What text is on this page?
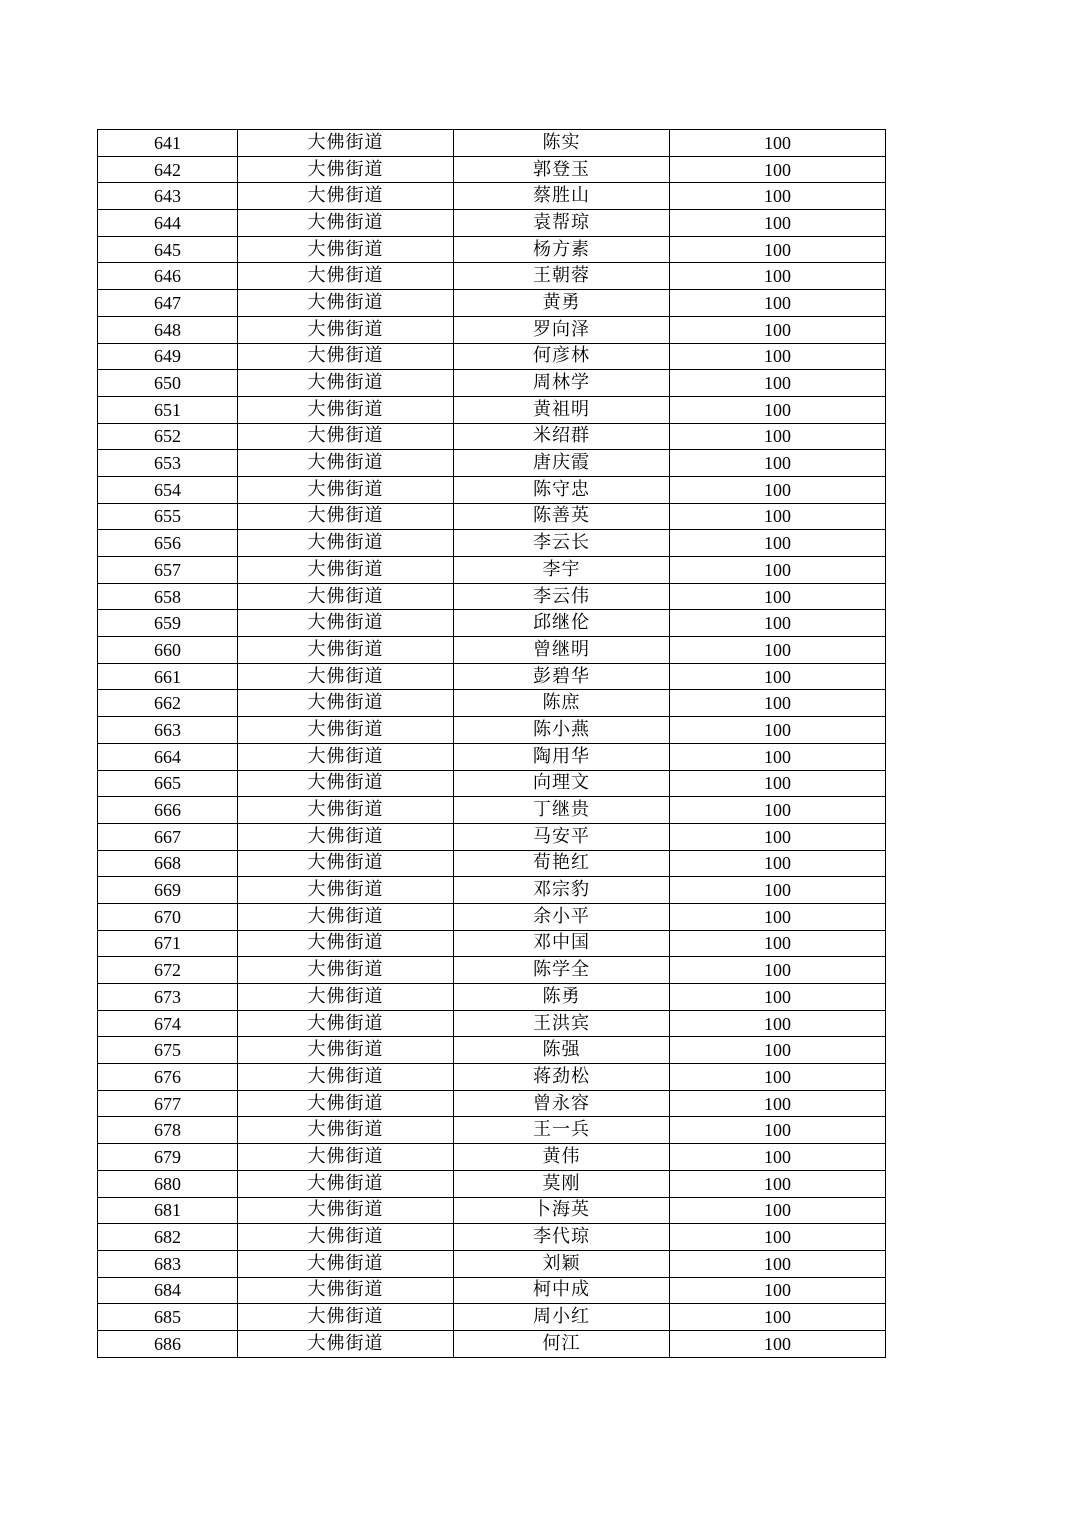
641	大佛街道	陈实	100
642	大佛街道	郭登玉	100
643	大佛街道	蔡胜山	100
644	大佛街道	袁帮琼	100
645	大佛街道	杨方素	100
646	大佛街道	王朝蓉	100
647	大佛街道	黄勇	100
648	大佛街道	罗向泽	100
649	大佛街道	何彦林	100
650	大佛街道	周林学	100
651	大佛街道	黄祖明	100
652	大佛街道	米绍群	100
653	大佛街道	唐庆霞	100
654	大佛街道	陈守忠	100
655	大佛街道	陈善英	100
656	大佛街道	李云长	100
657	大佛街道	李宇	100
658	大佛街道	李云伟	100
659	大佛街道	邱继伦	100
660	大佛街道	曾继明	100
661	大佛街道	彭碧华	100
662	大佛街道	陈庶	100
663	大佛街道	陈小燕	100
664	大佛街道	陶用华	100
665	大佛街道	向理文	100
666	大佛街道	丁继贵	100
667	大佛街道	马安平	100
668	大佛街道	荀艳红	100
669	大佛街道	邓宗豹	100
670	大佛街道	余小平	100
671	大佛街道	邓中国	100
672	大佛街道	陈学全	100
673	大佛街道	陈勇	100
674	大佛街道	王洪宾	100
675	大佛街道	陈强	100
676	大佛街道	蒋劲松	100
677	大佛街道	曾永容	100
678	大佛街道	王一兵	100
679	大佛街道	黄伟	100
680	大佛街道	莫刚	100
681	大佛街道	卜海英	100
682	大佛街道	李代琼	100
683	大佛街道	刘颖	100
684	大佛街道	柯中成	100
685	大佛街道	周小红	100
686	大佛街道	何江	100
